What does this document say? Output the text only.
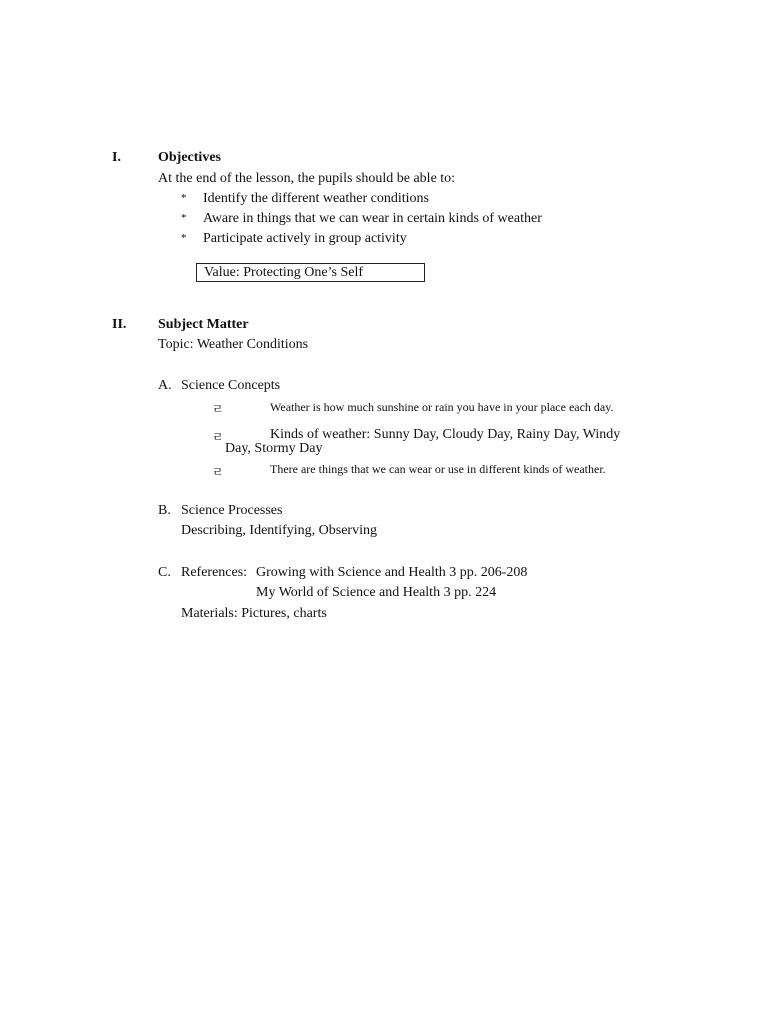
I.	Objectives
At the end of the lesson, the pupils should be able to:
* Identify the different weather conditions
* Aware in things that we can wear in certain kinds of weather
* Participate actively in group activity
Value: Protecting One’s Self
II. Subject Matter
Topic: Weather Conditions
A. Science Concepts
ㄹ	Weather is how much sunshine or rain you have in your place each day.
ㄹ	Kinds of weather: Sunny Day, Cloudy Day, Rainy Day, Windy
Day, Stormy Day
ㄹ	There are things that we can wear or use in different kinds of weather.
B. Science Processes
Describing, Identifying, Observing
C. References: Growing with Science and Health 3 pp. 206-208
My World of Science and Health 3 pp. 224
Materials: Pictures, charts
